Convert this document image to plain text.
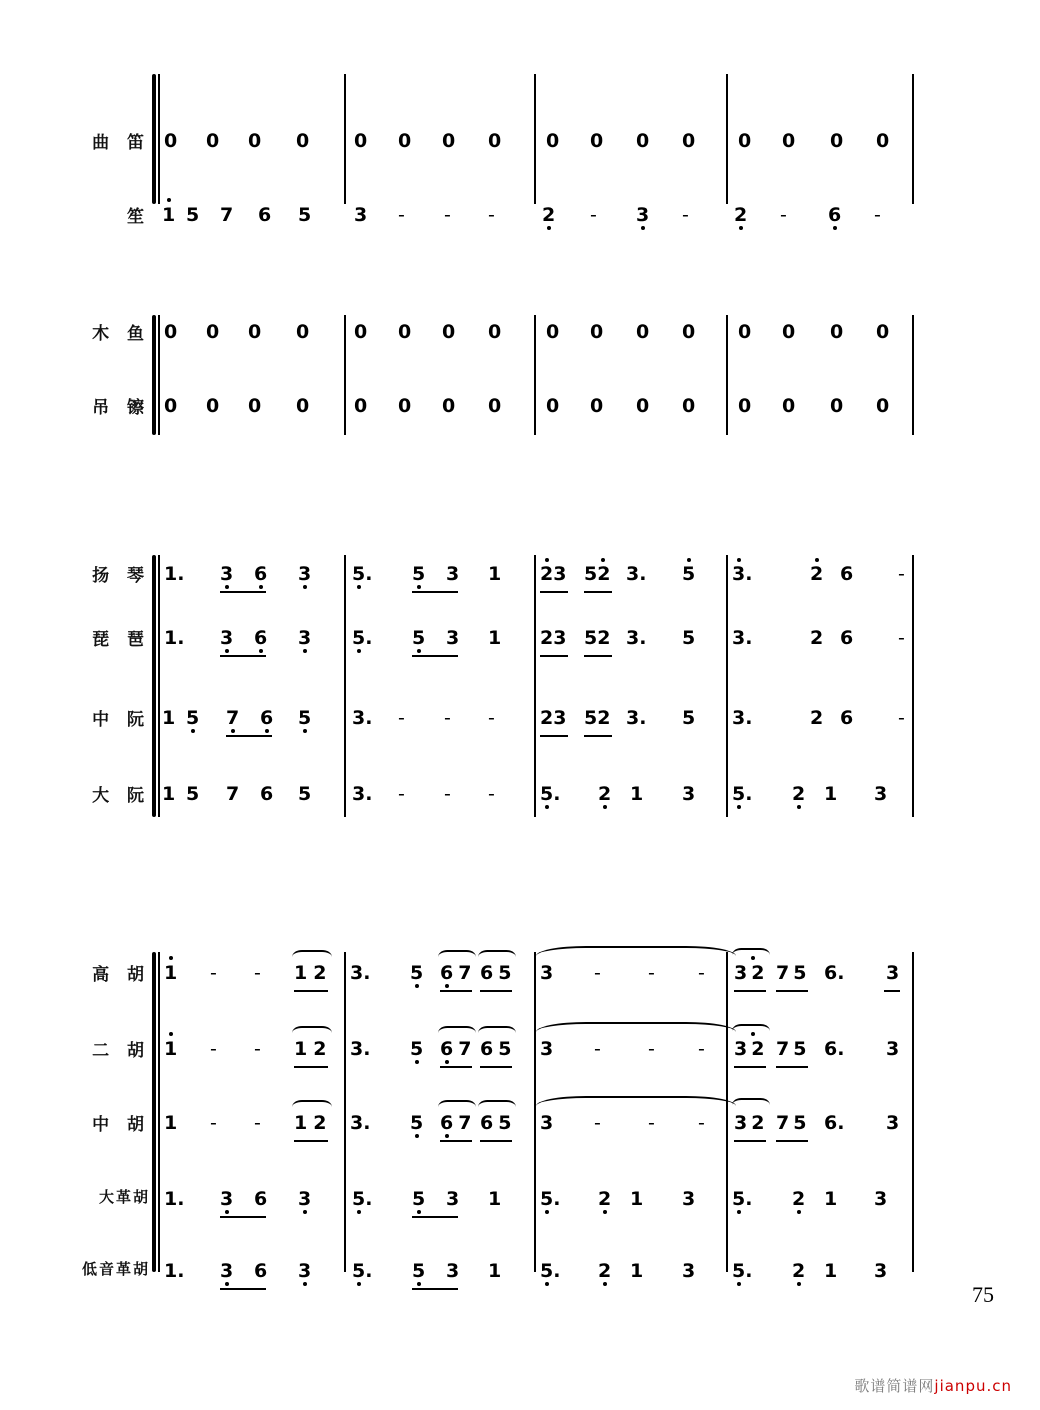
曲 笛 0 0 0 0 0 0 0 0 0 0 0 0 0 0 0 0
笙 1 5 7 6 5 3 - - - 2 - 3 - 2 - 6 -
木 鱼 0 0 0 0 0 0 0 0 0 0 0 0 0 0 0 0
吊 镲 0 0 0 0 0 0 0 0 0 0 0 0 0 0 0 0
扬 琴 1. 3 6 3 5. 5 3 1 23 52 3. 5 3.	2 6 -
琵 琶 1. 3 6 3 5. 5 3 1 23 52 3. 5 3.	2 6 -
中 阮 1 5 7 6 5 3. - - - 23 52 3. 5 3.	2 6 -
大 阮 1 5 7 6 5 3. - - - 5. 2 1 3 5. 2 1 3
高 胡 1 - - 12 3. 5 67 65 3 - - - 32 75 6. 3
二 胡 1 - - 12 3. 5 67 65 3 - - - 32 75 6. 3
中 胡 1 - - 12 3. 5 67 65 3 - - - 32 75 6. 3
大革胡 1. 3 6 3 5. 5 3 1 5. 2 1 3 5. 2 1 3
低音革胡 1. 3 6 3 5. 5 3 1 5. 2 1 3 5. 2 1 3
75
歌谱简谱网jianpu.cn
